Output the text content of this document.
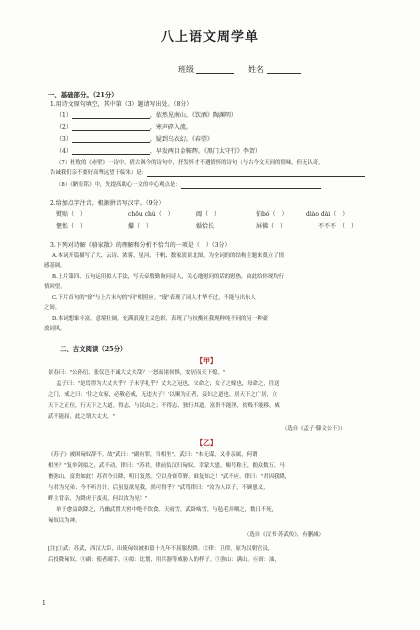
八上语文周学单
班级	姓名
一、基础部分。（21分）
1.用诗文原句填空，其中第（3）题请写出处。（8分）
（1）	，依然见南山。《饮酒》陶渊明）
（2）	，寒声碎入流。
（3）	，疑到乌衣幻。《春望》
（4）	，早发两目金鞍辉。《黑门太守行》李贺）
（7）杜牧的《赤壁》一诗中，借古讽今的诗句中，抒发怀才不遇情怀的诗句（与古今文天同的情味，但无认奇，
告诫我们亲不要好高骛远望于临朱）是：
（8）《陋室铭》中，先提高助心一文的中心观点是：
2.给加点字注音，根据拼音写汉字。（9分）
熨贴（　）	chōu chù（　）	阖（　）	伯bó（　）	diào dài（　）
惬怅（　）	攥（　）	婚恰长	屏佛（　）	不不不　（　）
3.下列对诗解《骆家散》的理解和分析不恰当的一项是（　）（3分）
A.本词开篇描写了大、云诗、浓雾、星河、千帆、数家淡景北图，为全词的的结构主题来奠立了情
感基调。
B.上片第四、五句运用拟人手法，写天帝殷勤询问诗人，关心地慰问的话的慰热，由此给你现均行
情回望。
C.下片首句的"徐"与上片末句的"问"相照应。"谩"表现了词人才华不过，不能与出东人
之间。
D.本词想象丰富，意境壮阔，充满浪漫主义色彩，表现了与抗衡社我现种纯不同的另一种豪
放词风。
二、古文阅读（25分）
【甲】
景春曰："公孙衍、张仪岂不诚大丈夫哉？一怒而诸侯惧，安居而天下熄。"
孟子曰："是焉得为大丈夫乎？子未学礼乎？丈夫之冠也，父命之；女子之嫁也，母命之，往送
之门，戒之曰：'往之女家，必敬必戒，无违夫子！'以顺为正者，妾妇之道也。居天下之广居，立
天下之正位，行天下之大道。得志，与民由之；不得志，独行其道。富贵不能淫，贫贱不能移，威
武不能屈，此之谓大丈夫。"
（选自《孟子·滕文公下》）
【乙】
《苏子》被困匈奴辞不。故"武曰："副有罪，当相坐"，武曰："本无谋，又非亲属，何谓
相坐？"复举剑拟之，武不动，律曰："苏君，律前负汉归匈奴，幸蒙大恩，赐号称王，拥众数万，马
畜弥山，富贵如此！苏君今日降，明日复然。空以身膏草野，谁复知之！"武不应。律曰："君因我降，
与君为兄弟；今不听吾计，后虽复欲见我，尚可得乎？"武骂律曰："汝为人臣子，不顾恩义，
畔主背亲，为降虏于蛮夷，何以汝为见！"
单于愈益欲降之，乃幽武置大窖中绝不饮食。天雨雪，武卧啮雪，与毡毛并咽之，数日不死，
匈奴以为神。
（选自《汉书·苏武传》，有删减）
[注]①武：苏武，西汉大臣，出使匈奴被扣留十九年不屈服投降。②律：卫律，原为汉朝官员，
后投降匈奴。③副：使者副手。④拟：比划，用兵器等威胁人的样子。⑤弥山：满山。⑥膏：油，
1
